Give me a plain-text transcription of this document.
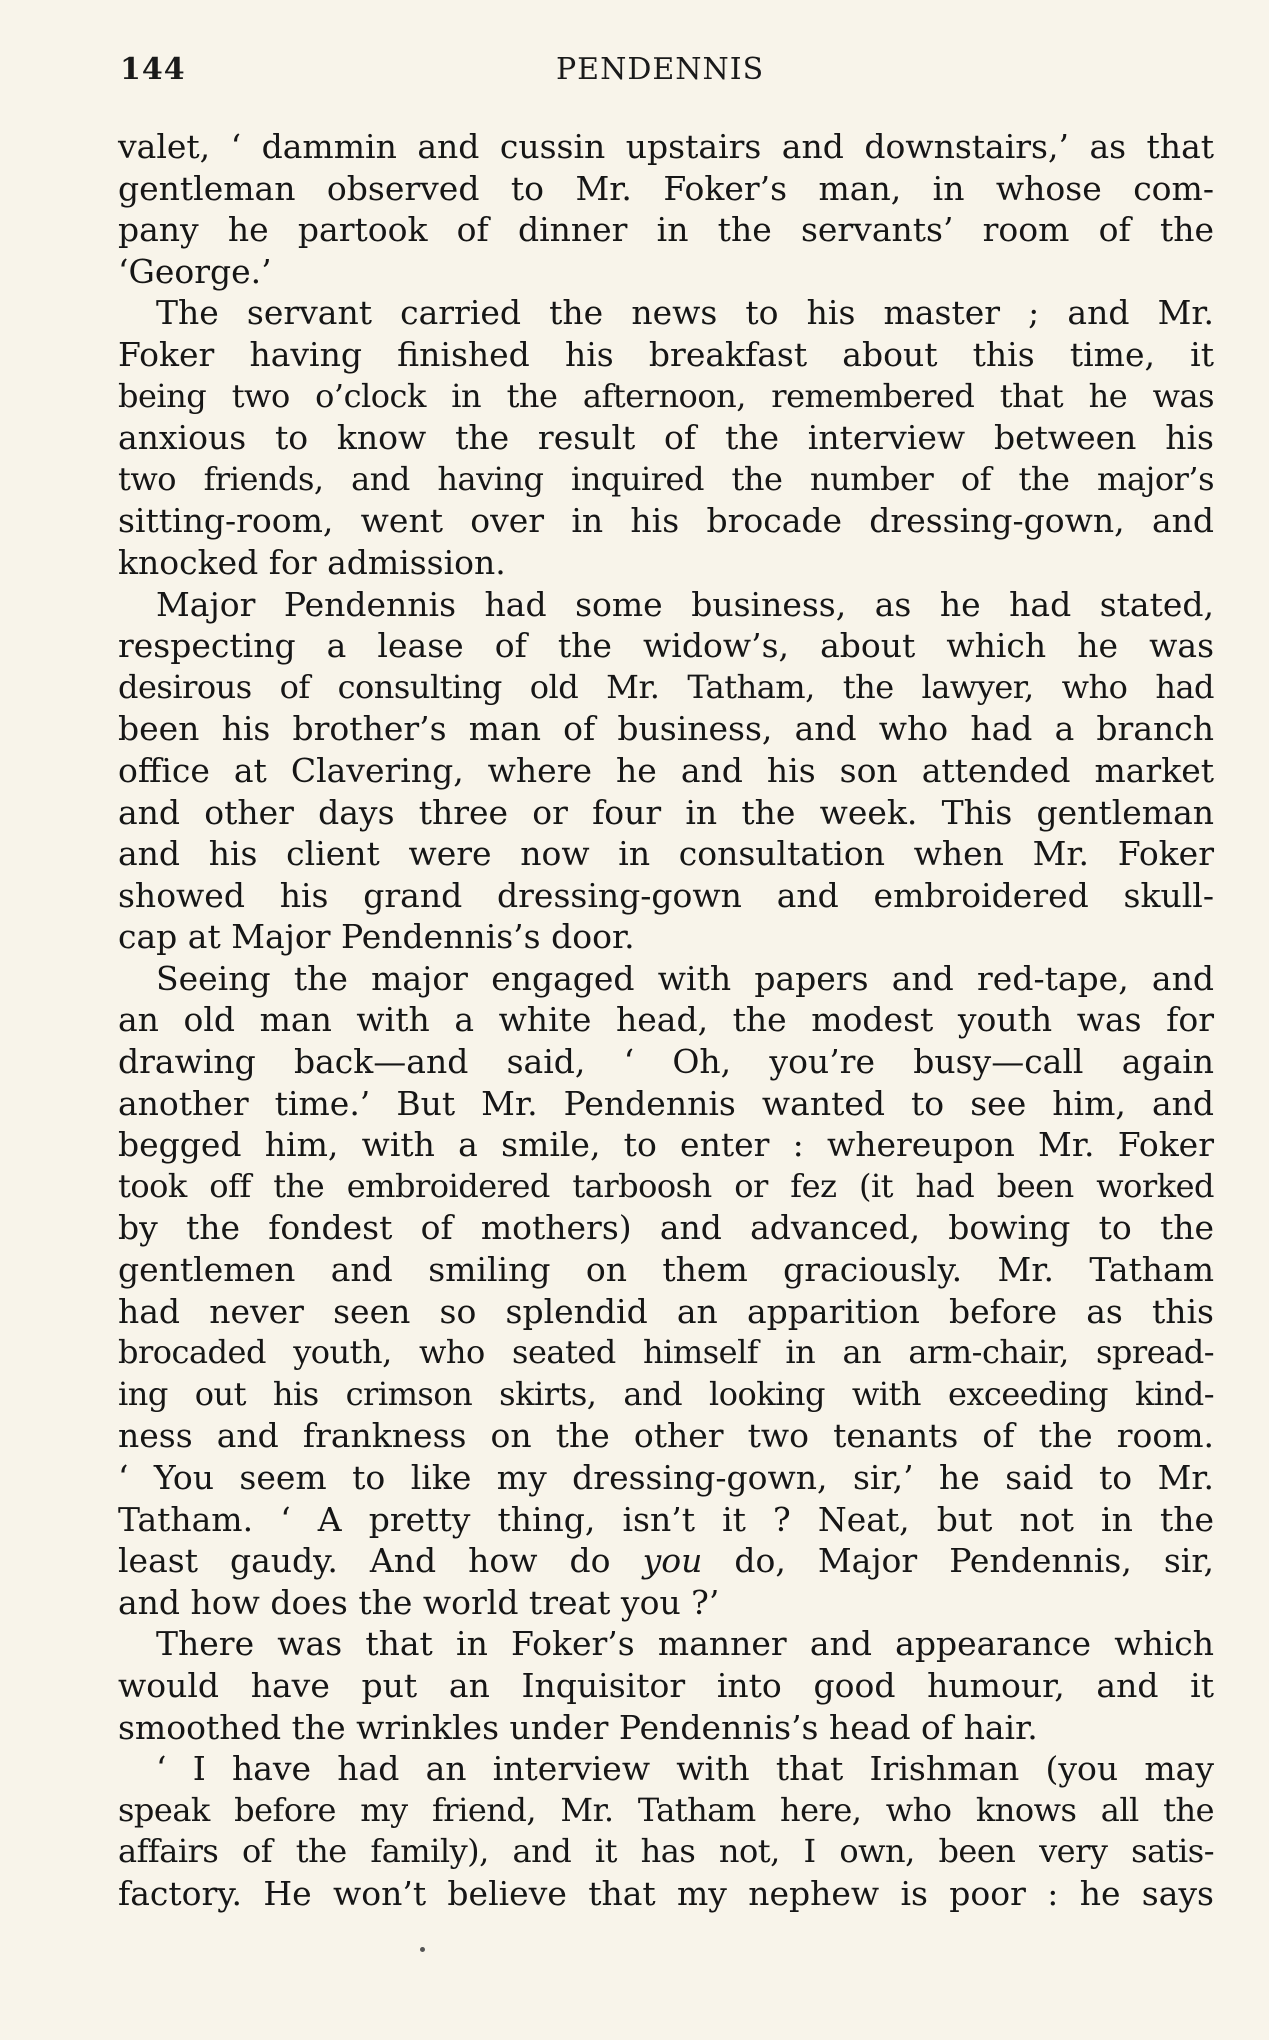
144	PENDENNIS
valet, ‘ dammin and cussin upstairs and downstairs,’ as that
gentleman observed to Mr. Foker’s man, in whose com-
pany he partook of dinner in the servants’ room of the
‘George.’
The servant carried the news to his master ; and Mr.
Foker having finished his breakfast about this time, it
being two o’clock in the afternoon, remembered that he was
anxious to know the result of the interview between his
two friends, and having inquired the number of the major’s
sitting-room, went over in his brocade dressing-gown, and
knocked for admission.
Major Pendennis had some business, as he had stated,
respecting a lease of the widow’s, about which he was
desirous of consulting old Mr. Tatham, the lawyer, who had
been his brother’s man of business, and who had a branch
office at Clavering, where he and his son attended market
and other days three or four in the week. This gentleman
and his client were now in consultation when Mr. Foker
showed his grand dressing-gown and embroidered skull-
cap at Major Pendennis’s door.
Seeing the major engaged with papers and red-tape, and
an old man with a white head, the modest youth was for
drawing back—and said, ‘ Oh, you’re busy—call again
another time.’ But Mr. Pendennis wanted to see him, and
begged him, with a smile, to enter : whereupon Mr. Foker
took off the embroidered tarboosh or fez (it had been worked
by the fondest of mothers) and advanced, bowing to the
gentlemen and smiling on them graciously. Mr. Tatham
had never seen so splendid an apparition before as this
brocaded youth, who seated himself in an arm-chair, spread-
ing out his crimson skirts, and looking with exceeding kind-
ness and frankness on the other two tenants of the room.
‘ You seem to like my dressing-gown, sir,’ he said to Mr.
Tatham. ‘ A pretty thing, isn’t it ? Neat, but not in the
least gaudy. And how do you do, Major Pendennis, sir,
and how does the world treat you ?’
There was that in Foker’s manner and appearance which
would have put an Inquisitor into good humour, and it
smoothed the wrinkles under Pendennis’s head of hair.
‘ I have had an interview with that Irishman (you may
speak before my friend, Mr. Tatham here, who knows all the
affairs of the family), and it has not, I own, been very satis-
factory. He won’t believe that my nephew is poor : he says
